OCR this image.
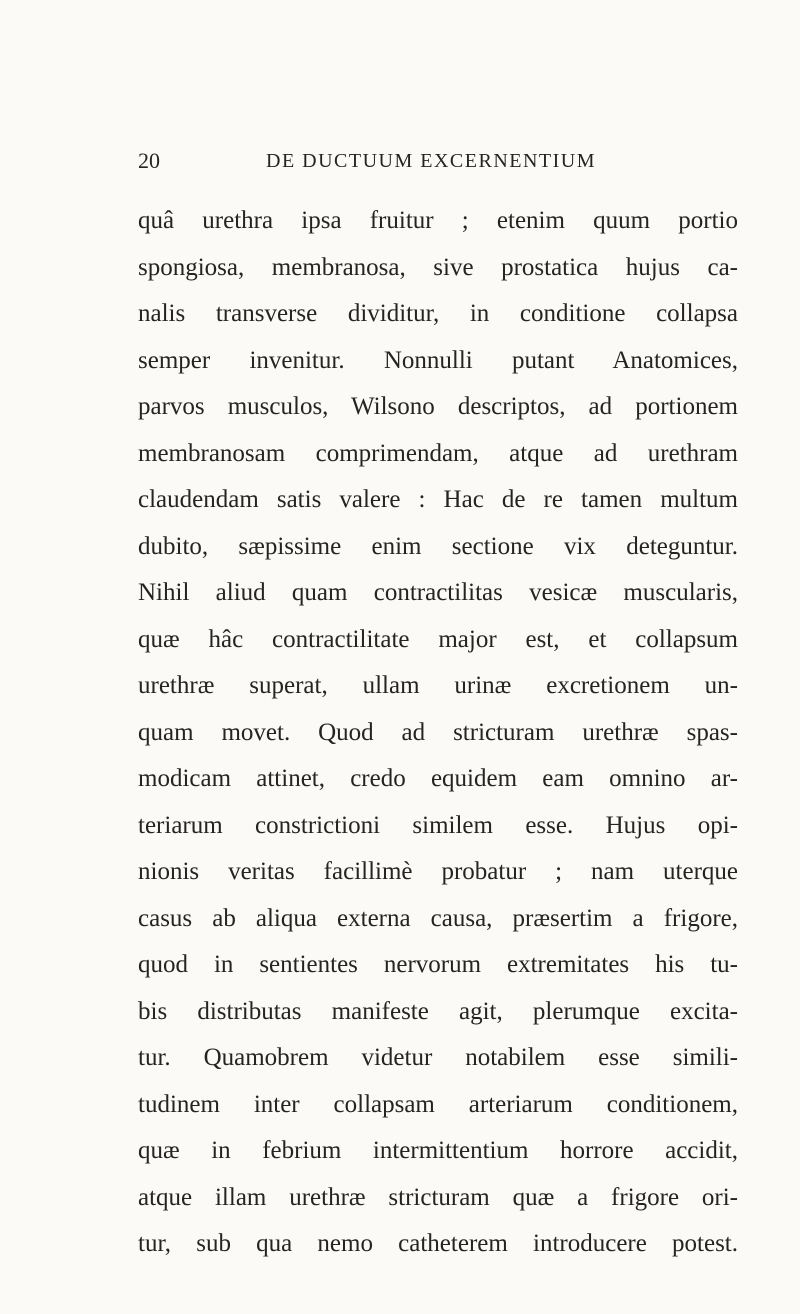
20	DE DUCTUUM EXCERNENTIUM
quâ urethra ipsa fruitur ; etenim quum portio
spongiosa, membranosa, sive prostatica hujus ca-
nalis transverse dividitur, in conditione collapsa
semper invenitur. Nonnulli putant Anatomices,
parvos musculos, Wilsono descriptos, ad portionem
membranosam comprimendam, atque ad urethram
claudendam satis valere : Hac de re tamen multum
dubito, sæpissime enim sectione vix deteguntur.
Nihil aliud quam contractilitas vesicæ muscularis,
quæ hâc contractilitate major est, et collapsum
urethræ superat, ullam urinæ excretionem un-
quam movet. Quod ad stricturam urethræ spas-
modicam attinet, credo equidem eam omnino ar-
teriarum constrictioni similem esse. Hujus opi-
nionis veritas facillimè probatur ; nam uterque
casus ab aliqua externa causa, præsertim a frigore,
quod in sentientes nervorum extremitates his tu-
bis distributas manifeste agit, plerumque excita-
tur. Quamobrem videtur notabilem esse simili-
tudinem inter collapsam arteriarum conditionem,
quæ in febrium intermittentium horrore accidit,
atque illam urethræ stricturam quæ a frigore ori-
tur, sub qua nemo catheterem introducere potest.
